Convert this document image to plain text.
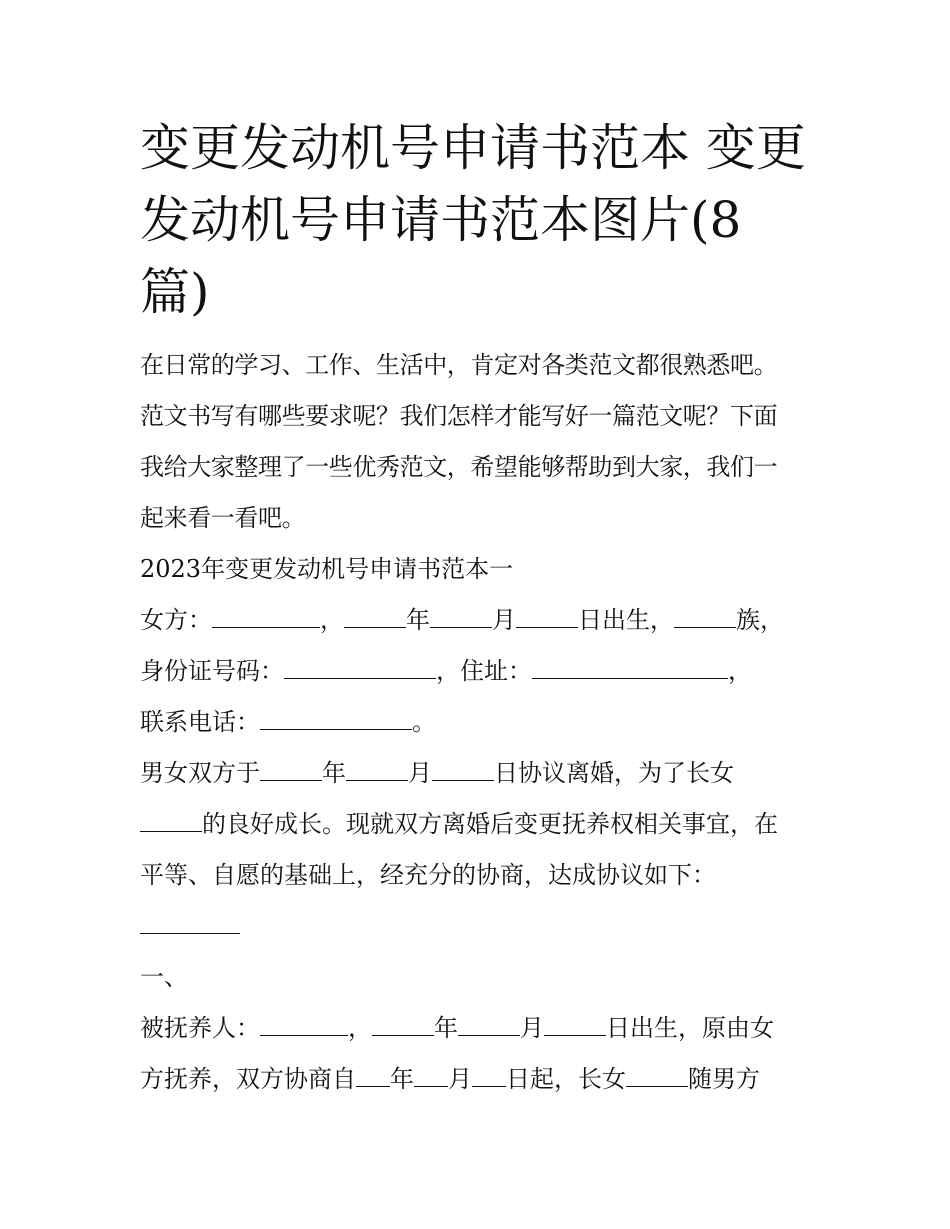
变更发动机号申请书范本 变更
发动机号申请书范本图片(8
篇)
在日常的学习、工作、生活中，肯定对各类范文都很熟悉吧。
范文书写有哪些要求呢？我们怎样才能写好一篇范文呢？下面
我给大家整理了一些优秀范文，希望能够帮助到大家，我们一
起来看一看吧。
2023年变更发动机号申请书范本一
女方：	，	年	月	日出生，	族，
身份证号码：	，住址：	，
联系电话：	。
男女双方于	年	月	日协议离婚，为了长女
的良好成长。现就双方离婚后变更抚养权相关事宜，在
平等、自愿的基础上，经充分的协商，达成协议如下：
一、
被抚养人：	，	年	月	日出生，原由女
方抚养，双方协商自 年 月 日起，长女	随男方
